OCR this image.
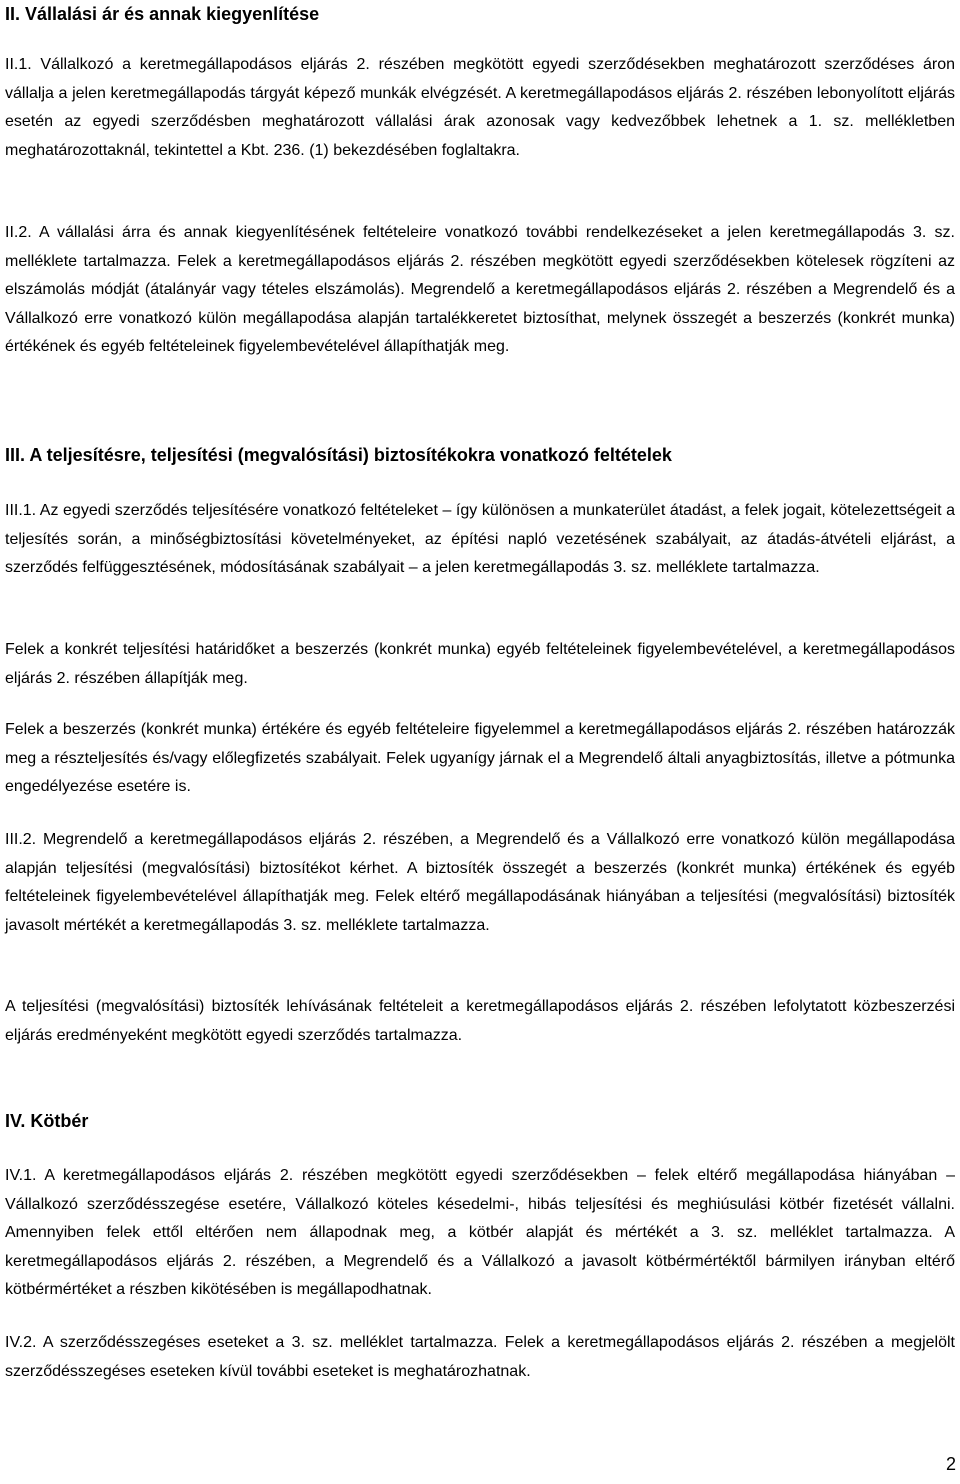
II. Vállalási ár és annak kiegyenlítése

II.1. Vállalkozó a keretmegállapodásos eljárás 2. részében megkötött egyedi szerződésekben meghatározott szerződéses áron vállalja a jelen keretmegállapodás tárgyát képező munkák elvégzését. A keretmegállapodásos eljárás 2. részében lebonyolított eljárás esetén az egyedi szerződésben meghatározott vállalási árak azonosak vagy kedvezőbbek lehetnek a 1. sz. mellékletben meghatározottaknál, tekintettel a Kbt. 236. (1) bekezdésében foglaltakra.

II.2. A vállalási árra és annak kiegyenlítésének feltételeire vonatkozó további rendelkezéseket a jelen keretmegállapodás 3. sz. melléklete tartalmazza. Felek a keretmegállapodásos eljárás 2. részében megkötött egyedi szerződésekben kötelesek rögzíteni az elszámolás módját (átalányár vagy tételes elszámolás). Megrendelő a keretmegállapodásos eljárás 2. részében a Megrendelő és a Vállalkozó erre vonatkozó külön megállapodása alapján tartalékkeretet biztosíthat, melynek összegét a beszerzés (konkrét munka) értékének és egyéb feltételeinek figyelembevételével állapíthatják meg.

III. A teljesítésre, teljesítési (megvalósítási) biztosítékokra vonatkozó feltételek

III.1. Az egyedi szerződés teljesítésére vonatkozó feltételeket – így különösen a munkaterület átadást, a felek jogait, kötelezettségeit a teljesítés során, a minőségbiztosítási követelményeket, az építési napló vezetésének szabályait, az átadás-átvételi eljárást, a szerződés felfüggesztésének, módosításának szabályait – a jelen keretmegállapodás 3. sz. melléklete tartalmazza.

Felek a konkrét teljesítési határidőket a beszerzés (konkrét munka) egyéb feltételeinek figyelembevételével, a keretmegállapodásos eljárás 2. részében állapítják meg.

Felek a beszerzés (konkrét munka) értékére és egyéb feltételeire figyelemmel a keretmegállapodásos eljárás 2. részében határozzák meg a részteljesítés és/vagy előlegfizetés szabályait. Felek ugyanígy járnak el a Megrendelő általi anyagbiztosítás, illetve a pótmunka engedélyezése esetére is.

III.2. Megrendelő a keretmegállapodásos eljárás 2. részében, a Megrendelő és a Vállalkozó erre vonatkozó külön megállapodása alapján teljesítési (megvalósítási) biztosítékot kérhet. A biztosíték összegét a beszerzés (konkrét munka) értékének és egyéb feltételeinek figyelembevételével állapíthatják meg. Felek eltérő megállapodásának hiányában a teljesítési (megvalósítási) biztosíték javasolt mértékét a keretmegállapodás 3. sz. melléklete tartalmazza.

A teljesítési (megvalósítási) biztosíték lehívásának feltételeit a keretmegállapodásos eljárás 2. részében lefolytatott közbeszerzési eljárás eredményeként megkötött egyedi szerződés tartalmazza.

IV. Kötbér

IV.1. A keretmegállapodásos eljárás 2. részében megkötött egyedi szerződésekben – felek eltérő megállapodása hiányában – Vállalkozó szerződésszegése esetére, Vállalkozó köteles késedelmi-, hibás teljesítési és meghiúsulási kötbér fizetését vállalni. Amennyiben felek ettől eltérően nem állapodnak meg, a kötbér alapját és mértékét a 3. sz. melléklet tartalmazza. A keretmegállapodásos eljárás 2. részében, a Megrendelő és a Vállalkozó a javasolt kötbérmértéktől bármilyen irányban eltérő kötbérmértéket a részben kikötésében is megállapodhatnak.

IV.2. A szerződésszegéses eseteket a 3. sz. melléklet tartalmazza. Felek a keretmegállapodásos eljárás 2. részében a megjelölt szerződésszegéses eseteken kívül további eseteket is meghatározhatnak.

2
